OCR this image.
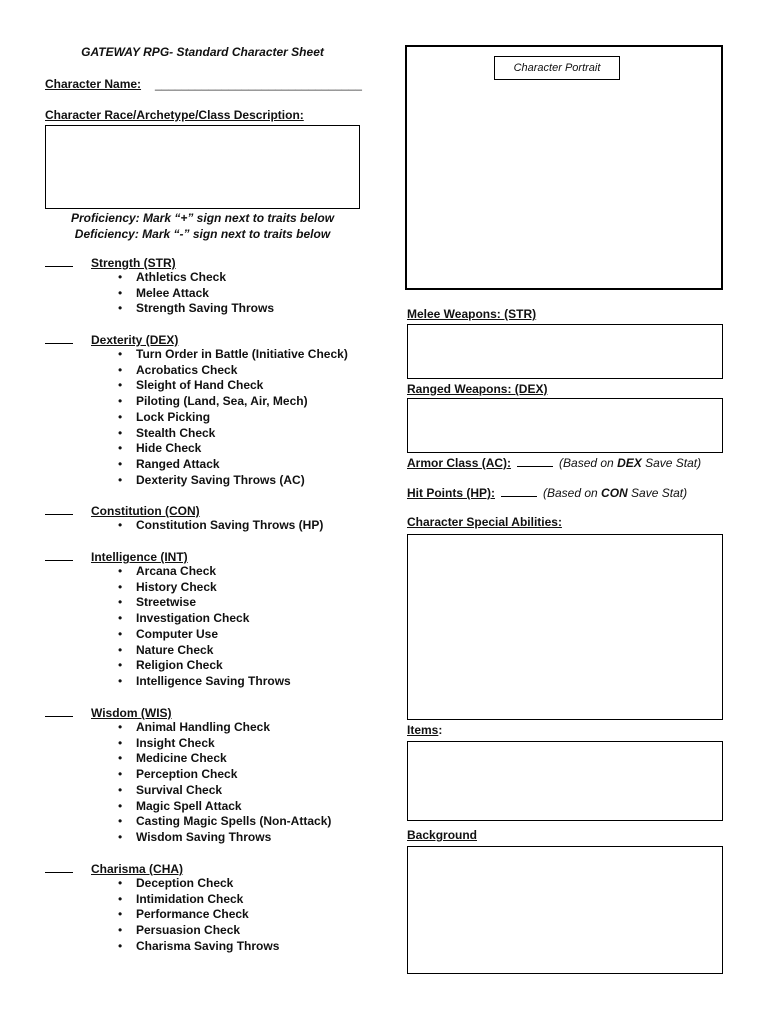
GATEWAY RPG- Standard Character Sheet
Character Name: _______________________________
Character Race/Archetype/Class Description:
Proficiency: Mark “+” sign next to traits below
Deficiency: Mark “-” sign next to traits below
Strength (STR)
• Athletics Check
• Melee Attack
• Strength Saving Throws
Dexterity (DEX)
• Turn Order in Battle (Initiative Check)
• Acrobatics Check
• Sleight of Hand Check
• Piloting (Land, Sea, Air, Mech)
• Lock Picking
• Stealth Check
• Hide Check
• Ranged Attack
• Dexterity Saving Throws (AC)
Constitution (CON)
• Constitution Saving Throws (HP)
Intelligence (INT)
• Arcana Check
• History Check
• Streetwise
• Investigation Check
• Computer Use
• Nature Check
• Religion Check
• Intelligence Saving Throws
Wisdom (WIS)
• Animal Handling Check
• Insight Check
• Medicine Check
• Perception Check
• Survival Check
• Magic Spell Attack
• Casting Magic Spells (Non-Attack)
• Wisdom Saving Throws
Charisma (CHA)
• Deception Check
• Intimidation Check
• Performance Check
• Persuasion Check
• Charisma Saving Throws
Character Portrait
Melee Weapons: (STR)
Ranged Weapons: (DEX)
Armor Class (AC):	(Based on DEX Save Stat)
Hit Points (HP):	(Based on CON Save Stat)
Character Special Abilities:
Items:
Background
